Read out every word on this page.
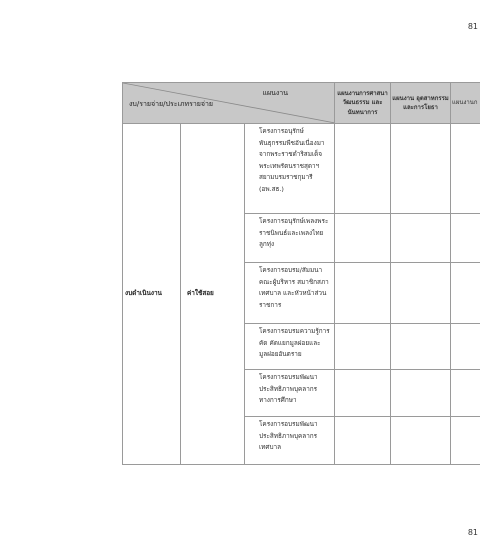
81
แผนงาน
งบ/รายจ่าย/ประเภทรายจ่าย			แผนงานการศาสนา วัฒนธรรม และนันทนาการ	แผนงาน อุตสาหกรรมและการโยธา	แผนงานก
งบดำเนินงาน	ค่าใช้สอย	โครงการอนุรักษ์พันธุกรรมพืชอันเนื่องมาจากพระราชดำริสมเด็จพระเทพรัตนราชสุดาฯ สยามบรมราชกุมารี (อพ.สธ.)			
		โครงการอนุรักษ์เพลงพระราชนิพนธ์และเพลงไทยลูกทุ่ง			
		โครงการอบรม/สัมมนาคณะผู้บริหาร สมาชิกสภาเทศบาล และหัวหน้าส่วนราชการ			
		โครงการอบรมความรู้การคัด คัดแยกมูลฝอยและมูลฝอยอันตราย			
		โครงการอบรมพัฒนาประสิทธิภาพบุคลากรทางการศึกษา			
		โครงการอบรมพัฒนาประสิทธิภาพบุคลากรเทศบาล			
81
